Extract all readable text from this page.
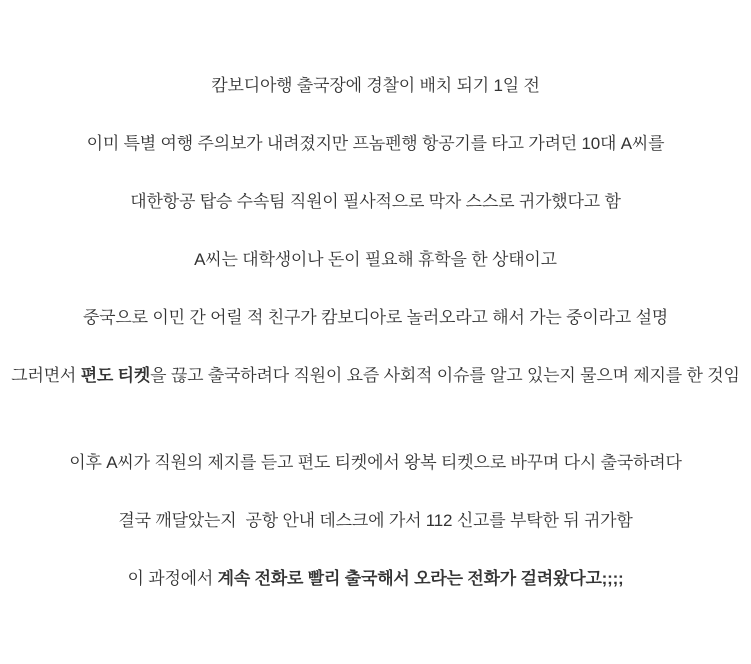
캄보디아행 출국장에 경찰이 배치 되기 1일 전

이미 특별 여행 주의보가 내려졌지만 프놈펜행 항공기를 타고 가려던 10대 A씨를

대한항공 탑승 수속팀 직원이 필사적으로 막자 스스로 귀가했다고 함

A씨는 대학생이나 돈이 필요해 휴학을 한 상태이고

중국으로 이민 간 어릴 적 친구가 캄보디아로 놀러오라고 해서 가는 중이라고 설명

그러면서 편도 티켓을 끊고 출국하려다 직원이 요즘 사회적 이슈를 알고 있는지 물으며 제지를 한 것임

이후 A씨가 직원의 제지를 듣고 편도 티켓에서 왕복 티켓으로 바꾸며 다시 출국하려다

결국 깨달았는지  공항 안내 데스크에 가서 112 신고를 부탁한 뒤 귀가함

이 과정에서 계속 전화로 빨리 출국해서 오라는 전화가 걸려왔다고;;;;
